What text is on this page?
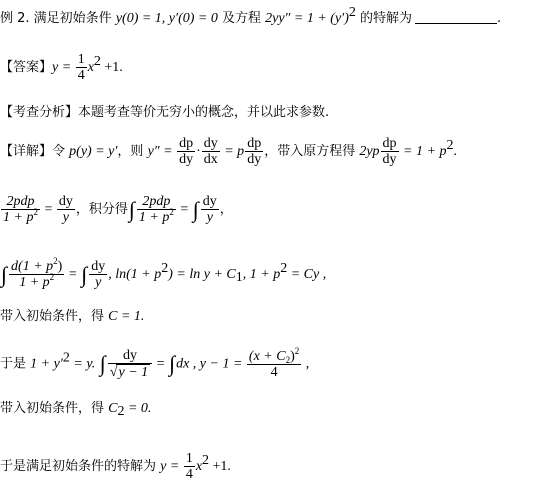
例 2. 满足初始条件 y(0) = 1, y′(0) = 0 及方程 $2yy'' = 1 + (y')^2$ 的特解为	.
【答案】$y = \frac{1}{4} x^2 +1$.
【考查分析】本题考查等价无穷小的概念，并以此求参数.
【详解】令 p(y) = y′，则 $y'' = \frac{dp}{dy} \cdot \frac{dy}{dx} = p \frac{dp}{dy}$ ，带入原方程得 $2yp \frac{dp}{dy} = 1 + p^2$.
$\frac{\text{2pdp}}{1 + p^2} = \frac{dy}{y}$ ，积分得∫ $\frac{\text{2pdp}}{1 + p^2}$ = ∫ $\frac{dy}{y}$ ，
∫ $\frac{d(1 + p^2)}{1 + p^2}$ = ∫ $\frac{dy}{y}$ , $\ln(1 + p^2) = \ln y + C_1$, $1 + p^2 = Cy$ ,
带入初始条件，得 C = 1.
于是 $1 + y'^2 = y$. ∫ $\frac{dy}{√y - 1} = \int dx$ , $y - 1 = \frac{(x + C_2)^2}{4}$ ,
带入初始条件，得 $C_2 = 0$.
于是满足初始条件的特解为 $y = \frac{1}{4} x^2 +1$.
